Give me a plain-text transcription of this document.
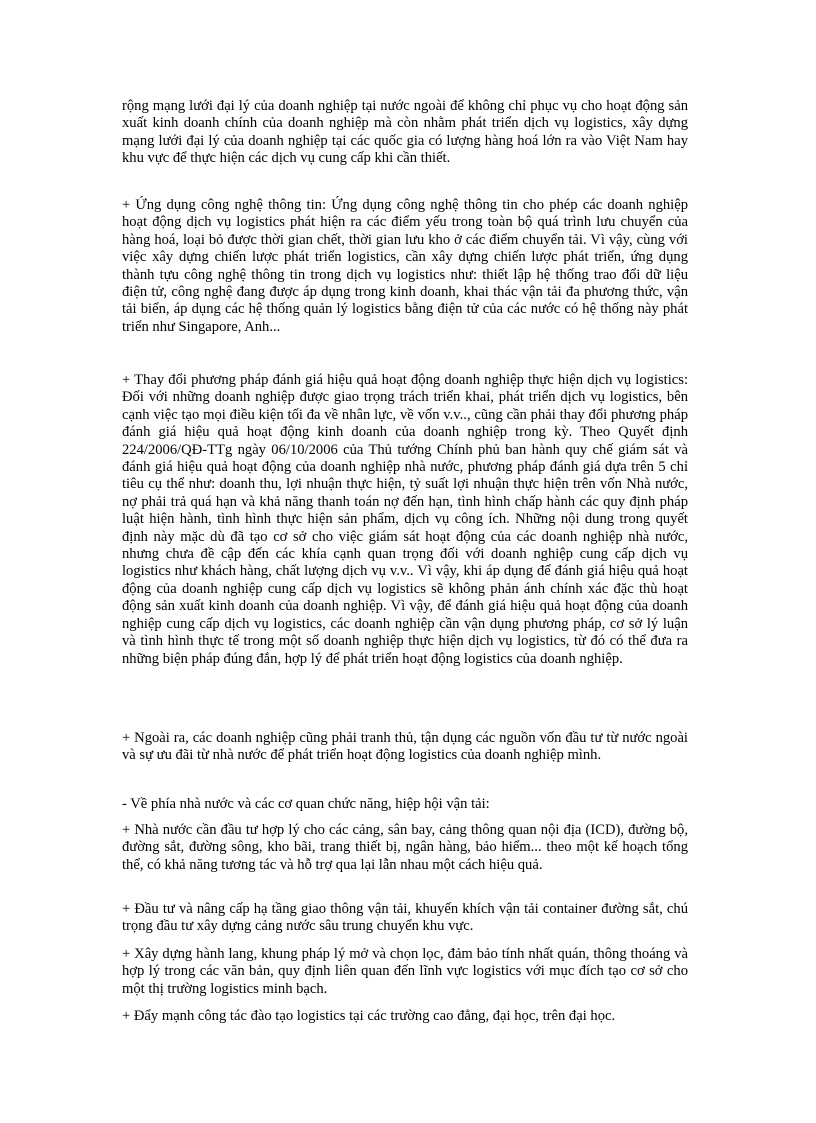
rộng mạng lưới đại lý của doanh nghiệp tại nước ngoài để không chỉ phục vụ cho hoạt động sản xuất kinh doanh chính của doanh nghiệp mà còn nhằm phát triển dịch vụ logistics, xây dựng mạng lưới đại lý của doanh nghiệp tại các quốc gia có lượng hàng hoá lớn ra vào Việt Nam hay khu vực để thực hiện các dịch vụ cung cấp khi cần thiết.

+ Ứng dụng công nghệ thông tin: Ứng dụng công nghệ thông tin cho phép các doanh nghiệp hoạt động dịch vụ logistics phát hiện ra các điểm yếu trong toàn bộ quá trình lưu chuyển của hàng hoá, loại bỏ được thời gian chết, thời gian lưu kho ở các điểm chuyển tải. Vì vậy, cùng với việc xây dựng chiến lược phát triển logistics, cần xây dựng chiến lược phát triển, ứng dụng thành tựu công nghệ thông tin trong dịch vụ logistics như: thiết lập hệ thống trao đổi dữ liệu điện tử, công nghệ đang được áp dụng trong kinh doanh, khai thác vận tải đa phương thức, vận tải biển, áp dụng các hệ thống quản lý logistics bằng điện tử của các nước có hệ thống này phát triển như Singapore, Anh...

+ Thay đổi phương pháp đánh giá hiệu quả hoạt động doanh nghiệp thực hiện dịch vụ logistics: Đối với những doanh nghiệp được giao trọng trách triển khai, phát triển dịch vụ logistics, bên cạnh việc tạo mọi điều kiện tối đa về nhân lực, về vốn v.v.., cũng cần phải thay đổi phương pháp đánh giá hiệu quả hoạt động kinh doanh của doanh nghiệp trong kỳ. Theo Quyết định 224/2006/QĐ-TTg ngày 06/10/2006 của Thủ tướng Chính phủ ban hành quy chế giám sát và đánh giá hiệu quả hoạt động của doanh nghiệp nhà nước, phương pháp đánh giá dựa trên 5 chỉ tiêu cụ thể như: doanh thu, lợi nhuận thực hiện, tỷ suất lợi nhuận thực hiện trên vốn Nhà nước, nợ phải trả quá hạn và khả năng thanh toán nợ đến hạn, tình hình chấp hành các quy định pháp luật hiện hành, tình hình thực hiện sản phẩm, dịch vụ công ích. Những nội dung trong quyết định này mặc dù đã tạo cơ sở cho việc giám sát hoạt động của các doanh nghiệp nhà nước, nhưng chưa đề cập đến các khía cạnh quan trọng đối với doanh nghiệp cung cấp dịch vụ logistics như khách hàng, chất lượng dịch vụ v.v.. Vì vậy, khi áp dụng để đánh giá hiệu quả hoạt động của doanh nghiệp cung cấp dịch vụ logistics sẽ không phản ánh chính xác đặc thù hoạt động sản xuất kinh doanh của doanh nghiệp. Vì vậy, để đánh giá hiệu quả hoạt động của doanh nghiệp cung cấp dịch vụ logistics, các doanh nghiệp cần vận dụng phương pháp, cơ sở lý luận và tình hình thực tế trong một số doanh nghiệp thực hiện dịch vụ logistics, từ đó có thể đưa ra những biện pháp đúng đắn, hợp lý để phát triển hoạt động logistics của doanh nghiệp.

+ Ngoài ra, các doanh nghiệp cũng phải tranh thủ, tận dụng các nguồn vốn đầu tư từ nước ngoài và sự ưu đãi từ nhà nước để phát triển hoạt động logistics của doanh nghiệp mình.

- Về phía nhà nước và các cơ quan chức năng, hiệp hội vận tải:

+ Nhà nước cần đầu tư hợp lý cho các cảng, sân bay, cảng thông quan nội địa (ICD), đường bộ, đường sắt, đường sông, kho bãi, trang thiết bị, ngân hàng, bảo hiểm... theo một kế hoạch tổng thể, có khả năng tương tác và hỗ trợ qua lại lẫn nhau một cách hiệu quả.

+ Đầu tư và nâng cấp hạ tầng giao thông vận tải, khuyến khích vận tải container đường sắt, chú trọng đầu tư xây dựng cảng nước sâu trung chuyển khu vực.

+ Xây dựng hành lang, khung pháp lý mở và chọn lọc, đảm bảo tính nhất quán, thông thoáng và hợp lý trong các văn bản, quy định liên quan đến lĩnh vực logistics với mục đích tạo cơ sở cho một thị trường logistics minh bạch.

+ Đẩy mạnh công tác đào tạo logistics tại các trường cao đẳng, đại học, trên đại học.
